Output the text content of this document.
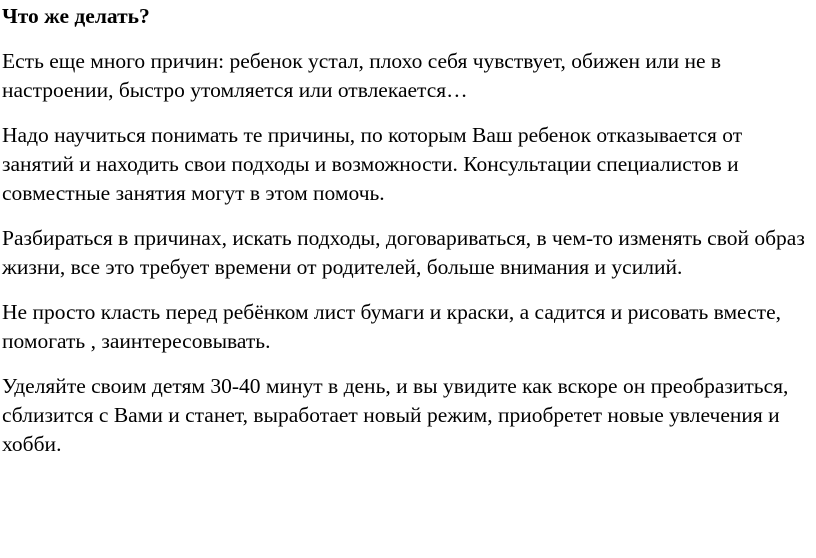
Что же делать?

Есть еще много причин: ребенок устал, плохо себя чувствует, обижен или не в настроении, быстро утомляется или отвлекается…

Надо научиться понимать те причины, по которым Ваш ребенок отказывается от занятий и находить свои подходы и возможности. Консультации специалистов и совместные занятия могут в этом помочь.

Разбираться в причинах, искать подходы, договариваться, в чем-то изменять свой образ жизни, все это требует времени от родителей, больше внимания и усилий.

Не просто класть перед ребёнком лист бумаги и краски, а садится и рисовать вместе, помогать , заинтересовывать.

Уделяйте своим детям 30-40 минут в день, и вы увидите как вскоре он преобразиться, сблизится с Вами и станет, выработает новый режим, приобретет новые увлечения и хобби.
